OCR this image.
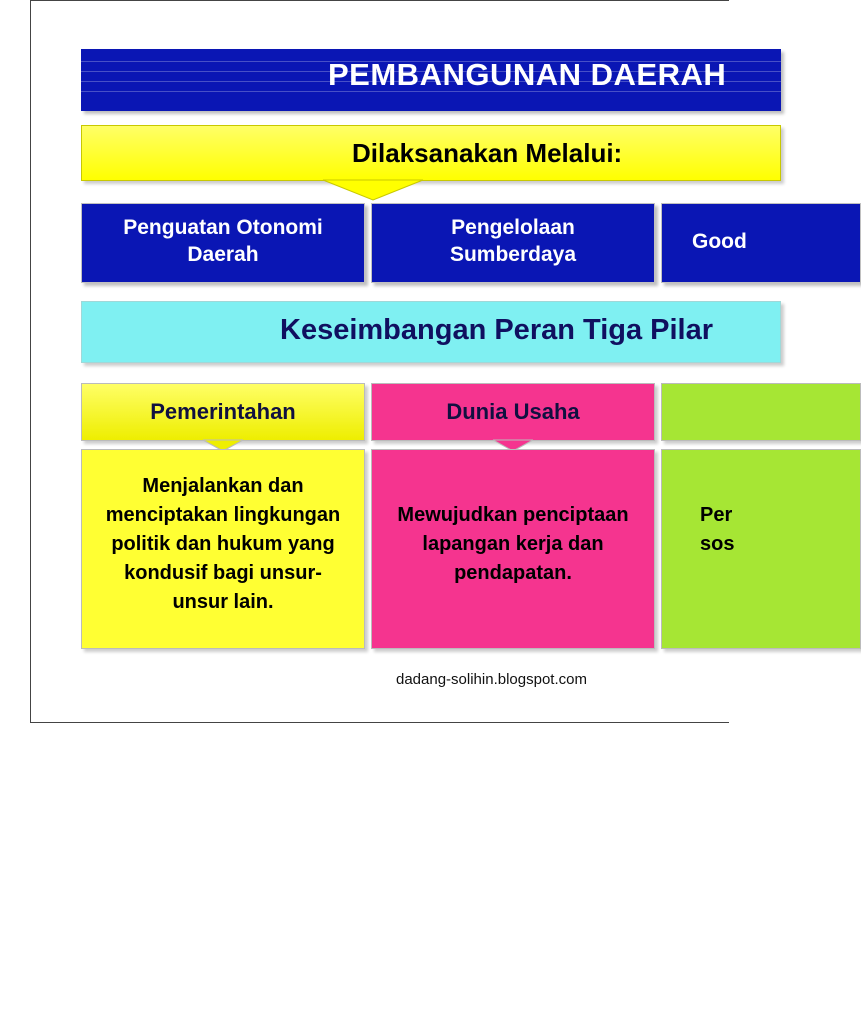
PEMBANGUNAN DAERAH
Dilaksanakan Melalui:
Penguatan Otonomi
Daerah
Pengelolaan
Sumberdaya
Good
Keseimbangan Peran Tiga Pilar
Pemerintahan	Dunia Usaha
Menjalankan dan
menciptakan lingkungan
politik dan hukum yang
kondusif bagi unsur-
unsur lain.
Mewujudkan penciptaan
lapangan kerja dan
pendapatan.
Per
sos
dadang-solihin.blogspot.com
